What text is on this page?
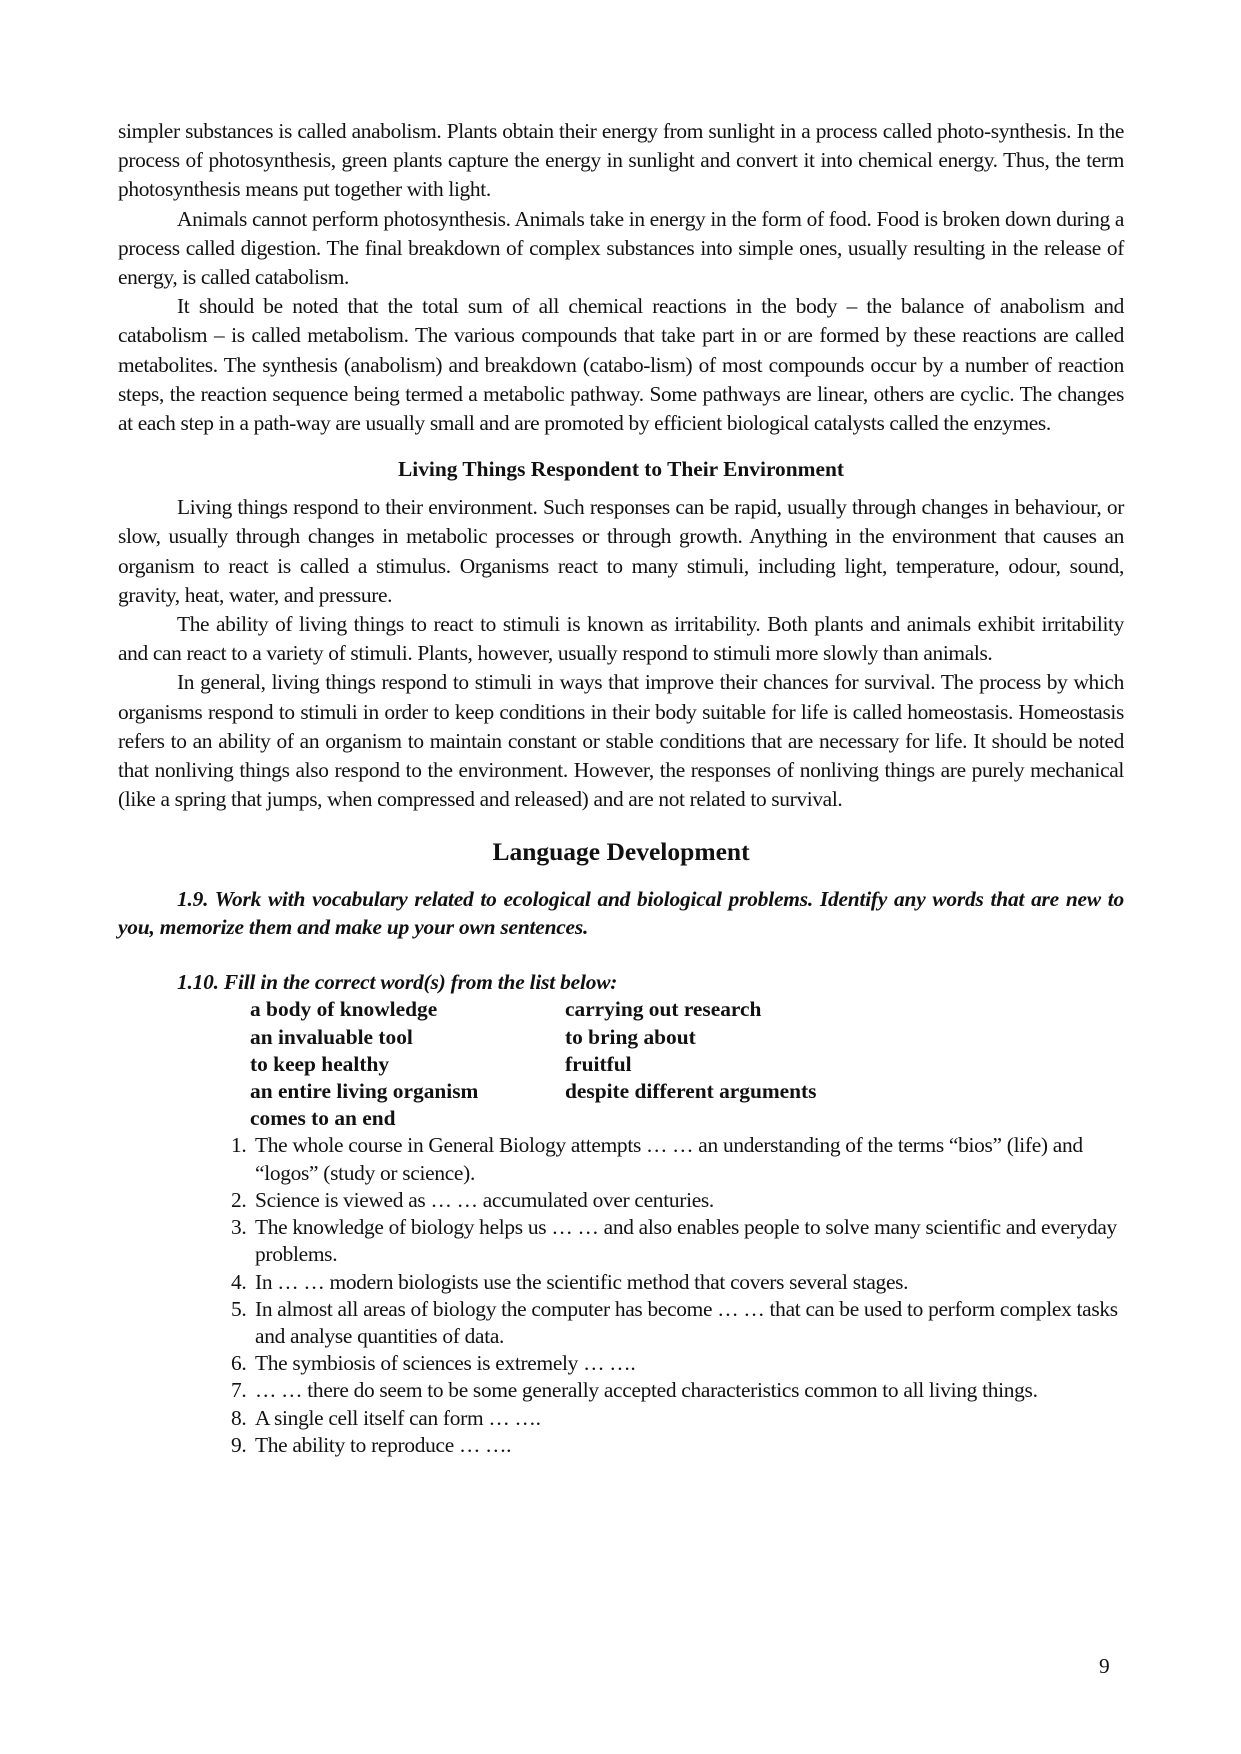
simpler substances is called anabolism. Plants obtain their energy from sunlight in a process called photo-synthesis. In the process of photosynthesis, green plants capture the energy in sunlight and convert it into chemical energy. Thus, the term photosynthesis means put together with light.

Animals cannot perform photosynthesis. Animals take in energy in the form of food. Food is broken down during a process called digestion. The final breakdown of complex substances into simple ones, usually resulting in the release of energy, is called catabolism.

It should be noted that the total sum of all chemical reactions in the body – the balance of anabolism and catabolism – is called metabolism. The various compounds that take part in or are formed by these reactions are called metabolites. The synthesis (anabolism) and breakdown (catabo-lism) of most compounds occur by a number of reaction steps, the reaction sequence being termed a metabolic pathway. Some pathways are linear, others are cyclic. The changes at each step in a path-way are usually small and are promoted by efficient biological catalysts called the enzymes.

Living Things Respondent to Their Environment

Living things respond to their environment. Such responses can be rapid, usually through changes in behaviour, or slow, usually through changes in metabolic processes or through growth. Anything in the environment that causes an organism to react is called a stimulus. Organisms react to many stimuli, including light, temperature, odour, sound, gravity, heat, water, and pressure.

The ability of living things to react to stimuli is known as irritability. Both plants and animals exhibit irritability and can react to a variety of stimuli. Plants, however, usually respond to stimuli more slowly than animals.

In general, living things respond to stimuli in ways that improve their chances for survival. The process by which organisms respond to stimuli in order to keep conditions in their body suitable for life is called homeostasis. Homeostasis refers to an ability of an organism to maintain constant or stable conditions that are necessary for life. It should be noted that nonliving things also respond to the environment. However, the responses of nonliving things are purely mechanical (like a spring that jumps, when compressed and released) and are not related to survival.

Language Development

1.9. Work with vocabulary related to ecological and biological problems. Identify any words that are new to you, memorize them and make up your own sentences.

1.10. Fill in the correct word(s) from the list below:

a body of knowledge	carrying out research
an invaluable tool	to bring about
to keep healthy	fruitful
an entire living organism	despite different arguments
comes to an end
1. The whole course in General Biology attempts … … an understanding of the terms “bios” (life) and “logos” (study or science).
2. Science is viewed as … … accumulated over centuries.
3. The knowledge of biology helps us … … and also enables people to solve many scientific and everyday problems.
4. In … … modern biologists use the scientific method that covers several stages.
5. In almost all areas of biology the computer has become … … that can be used to perform complex tasks and analyse quantities of data.
6. The symbiosis of sciences is extremely … ….
7. … … there do seem to be some generally accepted characteristics common to all living things.
8. A single cell itself can form … ….
9. The ability to reproduce … ….
9
